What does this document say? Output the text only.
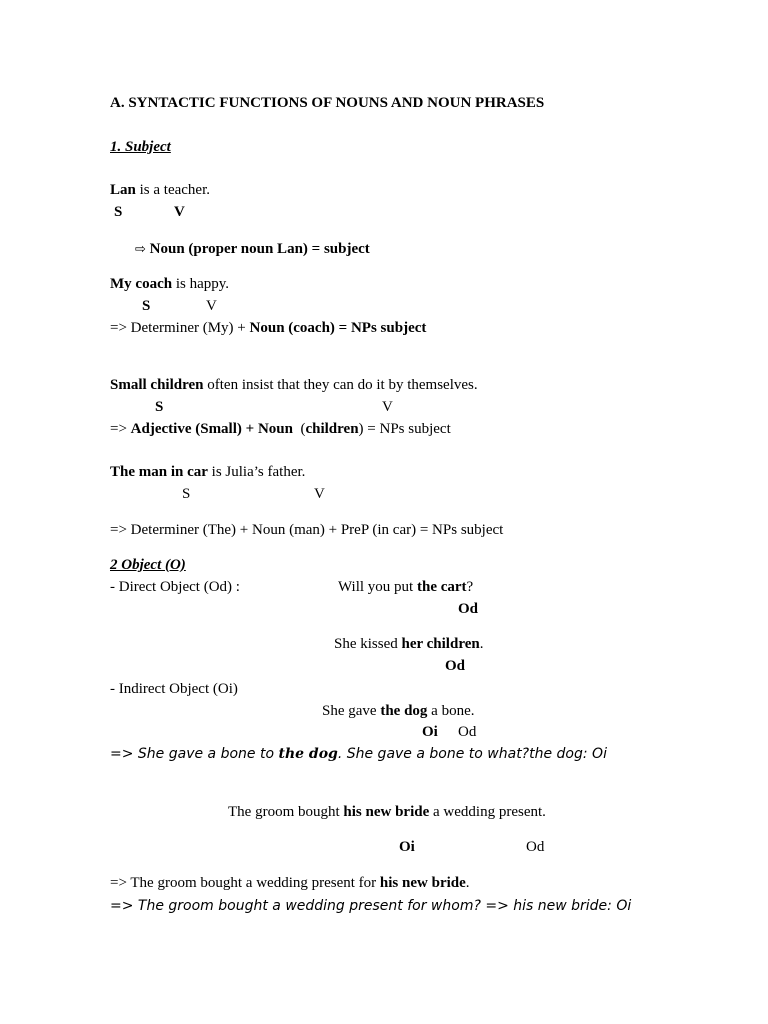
A. SYNTACTIC FUNCTIONS OF NOUNS AND NOUN PHRASES
1. Subject
Lan is a teacher.
S	V
⇨ Noun (proper noun Lan) = subject
My coach is happy.
S	V
=> Determiner (My) + Noun (coach) = NPs subject
Small children often insist that they can do it by themselves.
S	V
=> Adjective (Small) + Noun  (children) = NPs subject
The man in car is Julia’s father.
S	V
=> Determiner (The) + Noun (man) + PreP (in car) = NPs subject
2 Object (O)
- Direct Object (Od) :	Will you put the cart?
Od
She kissed her children.
Od
- Indirect Object (Oi)
She gave the dog a bone.
Oi Od
=> She gave a bone to the dog. She gave a bone to what?the dog: Oi
The groom bought his new bride a wedding present.
Oi	Od
=> The groom bought a wedding present for his new bride.
=> The groom bought a wedding present for whom? => his new bride: Oi
